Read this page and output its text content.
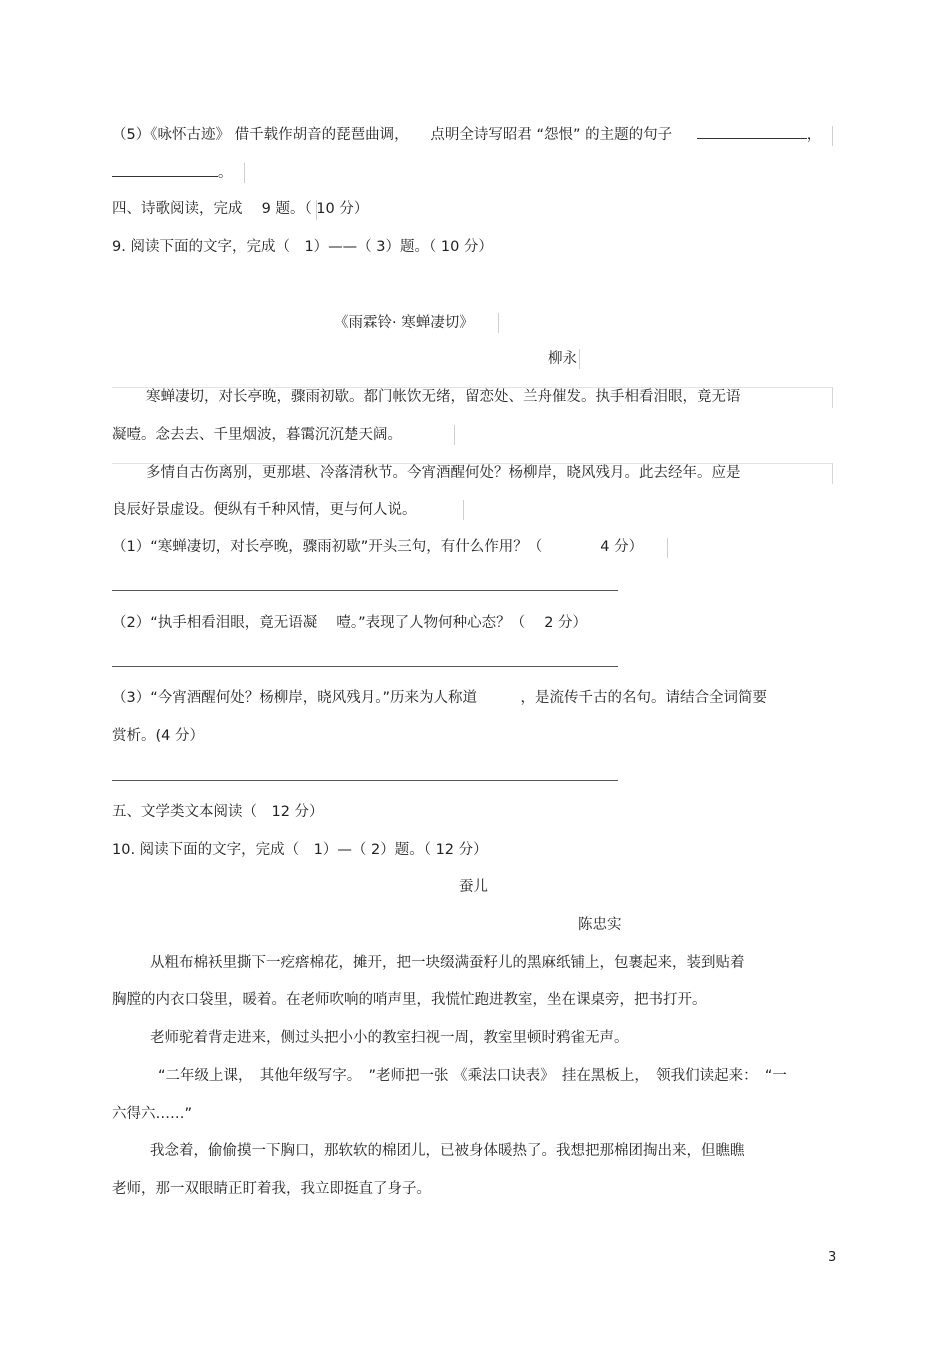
（5）《咏怀古迹》 借千载作胡音的琵琶曲调，　　点明全诗写昭君 “怨恨” 的主题的句子	，
。
四、诗歌阅读，完成　 9 题。（ 10 分）
9. 阅读下面的文字，完成（　1）——（ 3）题。（ 10 分）
《雨霖铃· 寒蝉凄切》
柳永
寒蝉凄切，对长亭晚，骤雨初歇。都门帐饮无绪，留恋处、兰舟催发。执手相看泪眼，竟无语
凝噎。念去去、千里烟波，暮霭沉沉楚天阔。
多情自古伤离别，更那堪、冷落清秋节。今宵酒醒何处？杨柳岸，晓风残月。此去经年。应是
良辰好景虚设。便纵有千种风情，更与何人说。
（1）“寒蝉凄切，对长亭晚，骤雨初歇”开头三句，有什么作用？（　　　　4 分）
（2）“执手相看泪眼，竟无语凝　 噎。”表现了人物何种心态？（　 2 分）
（3）“今宵酒醒何处？杨柳岸，晓风残月。”历来为人称道　　　，是流传千古的名句。请结合全词简要
赏析。(4 分）
五、文学类文本阅读（　12 分）
10. 阅读下面的文字，完成（　1）—（ 2）题。（ 12 分）
蚕儿
陈忠实
从粗布棉袄里撕下一疙瘩棉花，摊开，把一块缀满蚕籽儿的黑麻纸铺上，包裹起来，装到贴着
胸膛的内衣口袋里，暖着。在老师吹响的哨声里，我慌忙跑进教室，坐在课桌旁，把书打开。
老师驼着背走进来，侧过头把小小的教室扫视一周，教室里顿时鸦雀无声。
“二年级上课，　其他年级写字。　”老师把一张 《乘法口诀表》　挂在黑板上，　领我们读起来：　“一
六得六……”
我念着，偷偷摸一下胸口，那软软的棉团儿，已被身体暖热了。我想把那棉团掏出来，但瞧瞧
老师，那一双眼睛正盯着我，我立即挺直了身子。
3
